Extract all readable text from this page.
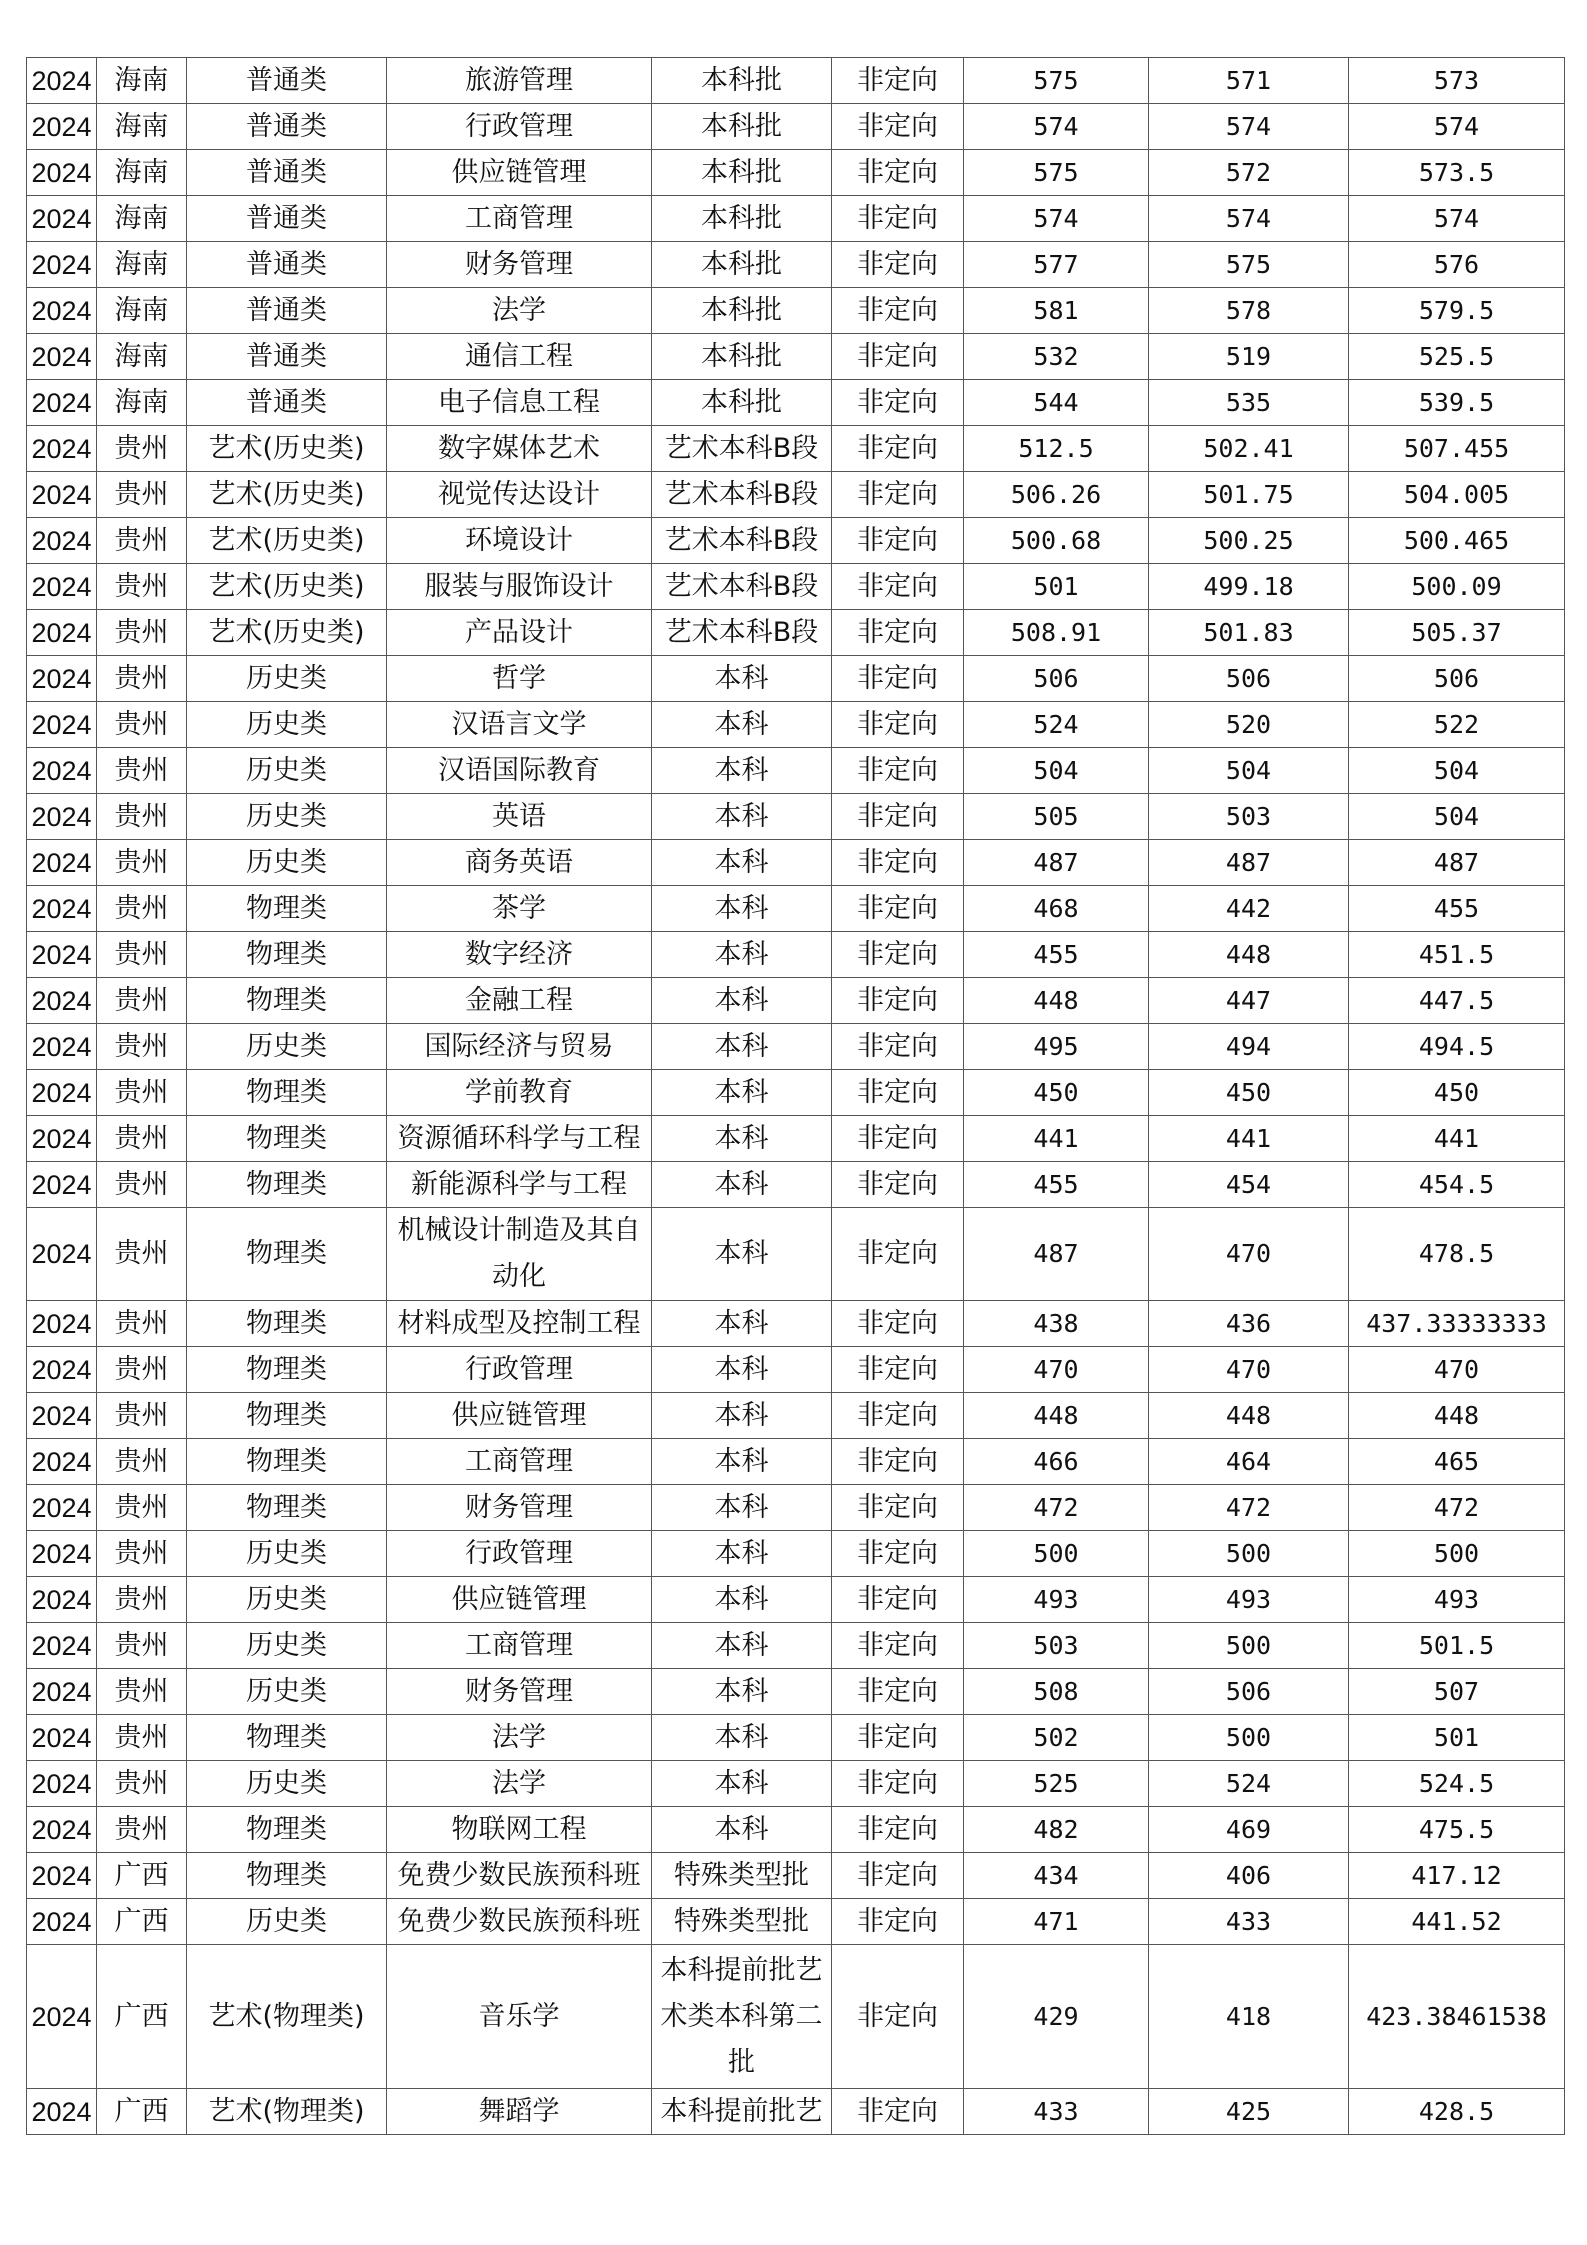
2024	海南	普通类	旅游管理	本科批	非定向	575	571	573
2024	海南	普通类	行政管理	本科批	非定向	574	574	574
2024	海南	普通类	供应链管理	本科批	非定向	575	572	573.5
2024	海南	普通类	工商管理	本科批	非定向	574	574	574
2024	海南	普通类	财务管理	本科批	非定向	577	575	576
2024	海南	普通类	法学	本科批	非定向	581	578	579.5
2024	海南	普通类	通信工程	本科批	非定向	532	519	525.5
2024	海南	普通类	电子信息工程	本科批	非定向	544	535	539.5
2024	贵州	艺术(历史类)	数字媒体艺术	艺术本科B段	非定向	512.5	502.41	507.455
2024	贵州	艺术(历史类)	视觉传达设计	艺术本科B段	非定向	506.26	501.75	504.005
2024	贵州	艺术(历史类)	环境设计	艺术本科B段	非定向	500.68	500.25	500.465
2024	贵州	艺术(历史类)	服装与服饰设计	艺术本科B段	非定向	501	499.18	500.09
2024	贵州	艺术(历史类)	产品设计	艺术本科B段	非定向	508.91	501.83	505.37
2024	贵州	历史类	哲学	本科	非定向	506	506	506
2024	贵州	历史类	汉语言文学	本科	非定向	524	520	522
2024	贵州	历史类	汉语国际教育	本科	非定向	504	504	504
2024	贵州	历史类	英语	本科	非定向	505	503	504
2024	贵州	历史类	商务英语	本科	非定向	487	487	487
2024	贵州	物理类	茶学	本科	非定向	468	442	455
2024	贵州	物理类	数字经济	本科	非定向	455	448	451.5
2024	贵州	物理类	金融工程	本科	非定向	448	447	447.5
2024	贵州	历史类	国际经济与贸易	本科	非定向	495	494	494.5
2024	贵州	物理类	学前教育	本科	非定向	450	450	450
2024	贵州	物理类	资源循环科学与工程	本科	非定向	441	441	441
2024	贵州	物理类	新能源科学与工程	本科	非定向	455	454	454.5
2024	贵州	物理类	机械设计制造及其自动化	本科	非定向	487	470	478.5
2024	贵州	物理类	材料成型及控制工程	本科	非定向	438	436	437.33333333
2024	贵州	物理类	行政管理	本科	非定向	470	470	470
2024	贵州	物理类	供应链管理	本科	非定向	448	448	448
2024	贵州	物理类	工商管理	本科	非定向	466	464	465
2024	贵州	物理类	财务管理	本科	非定向	472	472	472
2024	贵州	历史类	行政管理	本科	非定向	500	500	500
2024	贵州	历史类	供应链管理	本科	非定向	493	493	493
2024	贵州	历史类	工商管理	本科	非定向	503	500	501.5
2024	贵州	历史类	财务管理	本科	非定向	508	506	507
2024	贵州	物理类	法学	本科	非定向	502	500	501
2024	贵州	历史类	法学	本科	非定向	525	524	524.5
2024	贵州	物理类	物联网工程	本科	非定向	482	469	475.5
2024	广西	物理类	免费少数民族预科班	特殊类型批	非定向	434	406	417.12
2024	广西	历史类	免费少数民族预科班	特殊类型批	非定向	471	433	441.52
2024	广西	艺术(物理类)	音乐学	本科提前批艺术类本科第二批	非定向	429	418	423.38461538
2024	广西	艺术(物理类)	舞蹈学	本科提前批艺	非定向	433	425	428.5
